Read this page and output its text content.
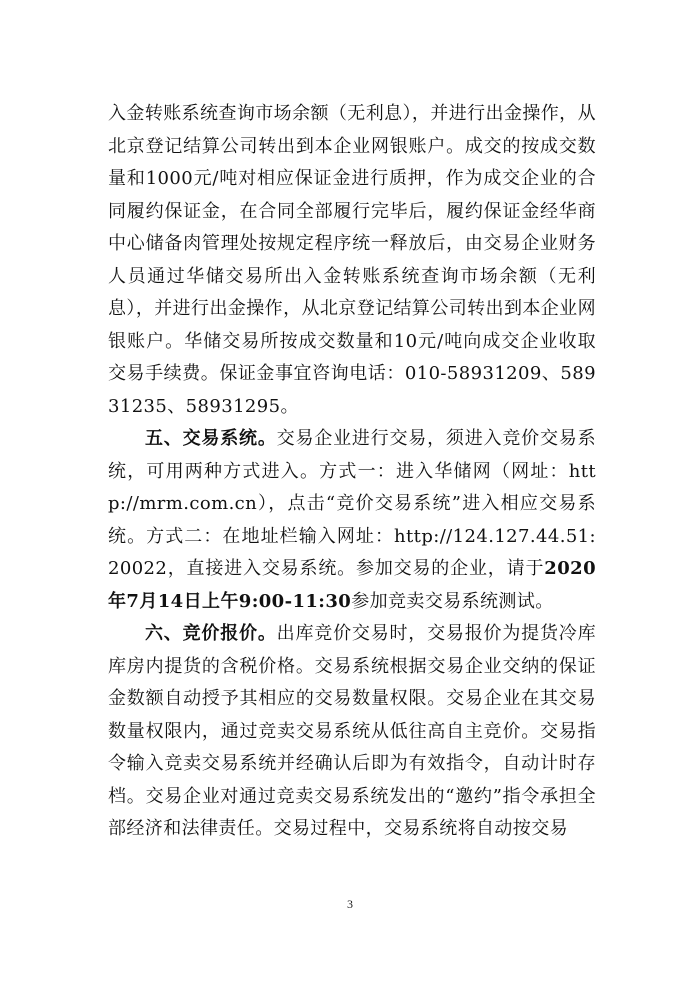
入金转账系统查询市场余额（无利息），并进行出金操作，从北京登记结算公司转出到本企业网银账户。成交的按成交数量和1000元/吨对相应保证金进行质押，作为成交企业的合同履约保证金，在合同全部履行完毕后，履约保证金经华商中心储备肉管理处按规定程序统一释放后，由交易企业财务人员通过华储交易所出入金转账系统查询市场余额（无利息），并进行出金操作，从北京登记结算公司转出到本企业网银账户。华储交易所按成交数量和10元/吨向成交企业收取交易手续费。保证金事宜咨询电话：010-58931209、58931235、58931295。

五、交易系统。交易企业进行交易，须进入竞价交易系统，可用两种方式进入。方式一：进入华储网（网址：http://mrm.com.cn），点击“竞价交易系统”进入相应交易系统。方式二：在地址栏输入网址：http://124.127.44.51:20022，直接进入交易系统。参加交易的企业，请于2020年7月14日上午9:00-11:30参加竞卖交易系统测试。

六、竞价报价。出库竞价交易时，交易报价为提货冷库库房内提货的含税价格。交易系统根据交易企业交纳的保证金数额自动授予其相应的交易数量权限。交易企业在其交易数量权限内，通过竞卖交易系统从低往高自主竞价。交易指令输入竞卖交易系统并经确认后即为有效指令，自动计时存档。交易企业对通过竞卖交易系统发出的“邀约”指令承担全部经济和法律责任。交易过程中，交易系统将自动按交易

3
